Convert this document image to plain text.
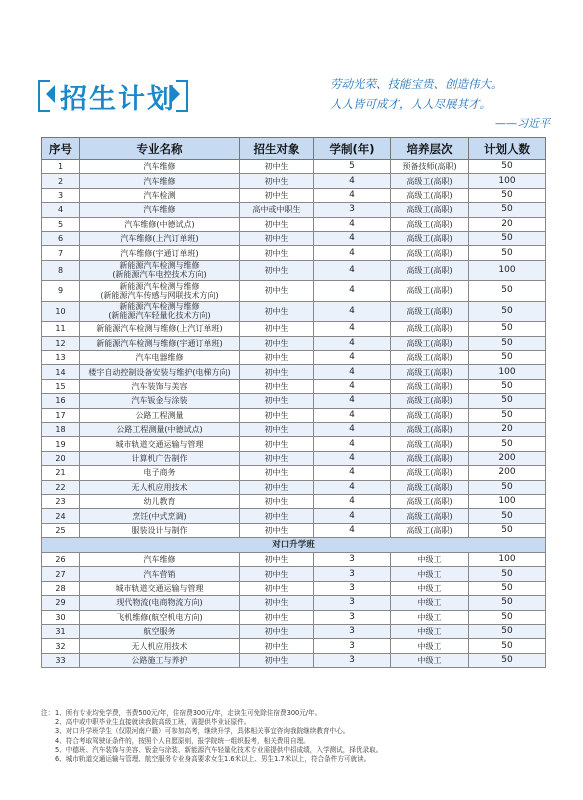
招生计划	劳动光荣、技能宝贵、创造伟大。
人人皆可成才，人人尽展其才。
——习近平
序号	专业名称	招生对象	学制(年)	培养层次	计划人数
1	汽车维修	初中生	5	预备技师(高职)	50
2	汽车维修	初中生	4	高级工(高职)	100
3	汽车检测	初中生	4	高级工(高职)	50
4	汽车维修	高中或中职生	3	高级工(高职)	50
5	汽车维修(中德试点)	初中生	4	高级工(高职)	20
6	汽车维修(上汽订单班)	初中生	4	高级工(高职)	50
7	汽车维修(宇通订单班)	初中生	4	高级工(高职)	50
8	新能源汽车检测与维修
(新能源汽车电控技术方向)	初中生	4	高级工(高职)	100
9	新能源汽车检测与维修
(新能源汽车传感与网联技术方向)	初中生	4	高级工(高职)	50
10	新能源汽车检测与维修
(新能源汽车轻量化技术方向)	初中生	4	高级工(高职)	50
11	新能源汽车检测与维修(上汽订单班)	初中生	4	高级工(高职)	50
12	新能源汽车检测与维修(宇通订单班)	初中生	4	高级工(高职)	50
13	汽车电器维修	初中生	4	高级工(高职)	50
14	楼宇自动控制设备安装与维护(电梯方向)	初中生	4	高级工(高职)	100
15	汽车装饰与美容	初中生	4	高级工(高职)	50
16	汽车钣金与涂装	初中生	4	高级工(高职)	50
17	公路工程测量	初中生	4	高级工(高职)	50
18	公路工程测量(中德试点)	初中生	4	高级工(高职)	20
19	城市轨道交通运输与管理	初中生	4	高级工(高职)	50
20	计算机广告制作	初中生	4	高级工(高职)	200
21	电子商务	初中生	4	高级工(高职)	200
22	无人机应用技术	初中生	4	高级工(高职)	50
23	幼儿教育	初中生	4	高级工(高职)	100
24	烹饪(中式烹调)	初中生	4	高级工(高职)	50
25	服装设计与制作	初中生	4	高级工(高职)	50
对口升学班					
26	汽车维修	初中生	3	中级工	100
27	汽车营销	初中生	3	中级工	50
28	城市轨道交通运输与管理	初中生	3	中级工	50
29	现代物流(电商物流方向)	初中生	3	中级工	50
30	飞机维修(航空机电方向)	初中生	3	中级工	50
31	航空服务	初中生	3	中级工	50
32	无人机应用技术	初中生	3	中级工	50
33	公路施工与养护	初中生	3	中级工	50
注： 1、所有专业均免学费，书费500元/年，住宿费300元/年，走读生可免除住宿费300元/年。
2、高中或中职毕业生直接就读我院高级工班，需提供毕业证原件。
3、对口升学班学生（仅限河南户籍）可参加高考，继续升学，具体相关事宜咨询我院继续教育中心。
4、符合考取驾驶证条件的，按照个人自愿原则，报学院统一组织报考，相关费用自理。
5、中德班、汽车装饰与美容、钣金与涂装、新能源汽车轻量化技术专业需提供中招成绩，入学测试，择优录取。
6、城市轨道交通运输与管理、航空服务专业身高要求女生1.6米以上、男生1.7米以上，符合条件方可就读。
